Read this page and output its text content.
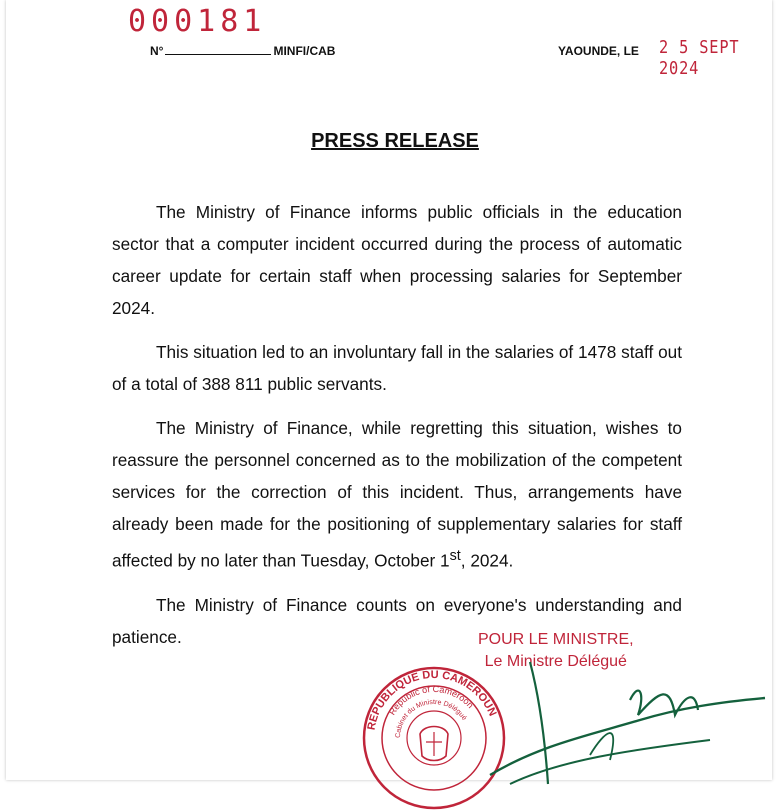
000181
N°	MINFI/CAB	YAOUNDE, LE 2 5 SEPT 2024
PRESS RELEASE

The Ministry of Finance informs public officials in the education sector that a computer incident occurred during the process of automatic career update for certain staff when processing salaries for September 2024.

This situation led to an involuntary fall in the salaries of 1478 staff out of a total of 388 811 public servants.

The Ministry of Finance, while regretting this situation, wishes to reassure the personnel concerned as to the mobilization of the competent services for the correction of this incident. Thus, arrangements have already been made for the positioning of supplementary salaries for staff affected by no later than Tuesday, October 1st, 2024.

The Ministry of Finance counts on everyone's understanding and patience.	POUR LE MINISTRE,
Le Ministre Délégué
REPUBLIQUE DU CAMEROUN
Republic of Cameroon
Cabinet du Ministre Délégué
